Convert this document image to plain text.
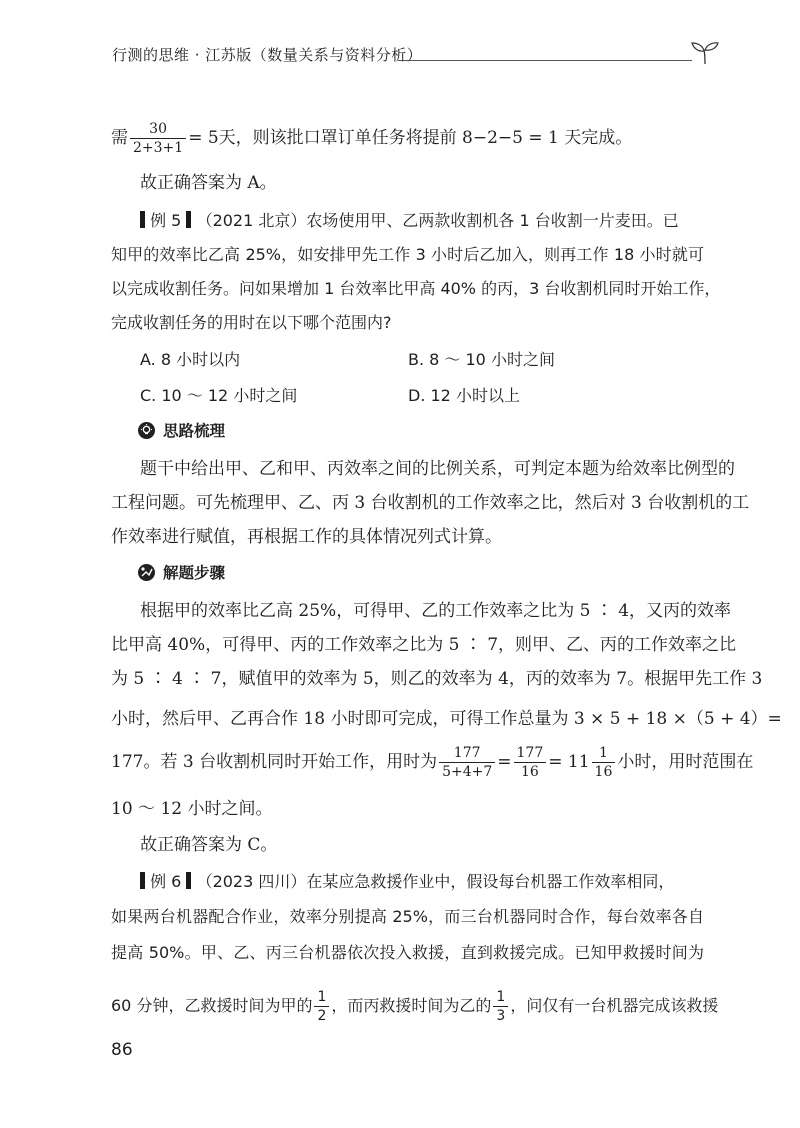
行测的思维 · 江苏版（数量关系与资料分析）
需 $\frac{30}{2+3+1} = 5$天，则该批口罩订单任务将提前 8−2−5 = 1 天完成。
故正确答案为 A。
例 5 （2021 北京）农场使用甲、乙两款收割机各 1 台收割一片麦田。已
知甲的效率比乙高 25%，如安排甲先工作 3 小时后乙加入，则再工作 18 小时就可
以完成收割任务。问如果增加 1 台效率比甲高 40% 的丙，3 台收割机同时开始工作，
完成收割任务的用时在以下哪个范围内?
A. 8 小时以内	B. 8 ～ 10 小时之间
C. 10 ～ 12 小时之间	D. 12 小时以上
思路梳理
题干中给出甲、乙和甲、丙效率之间的比例关系，可判定本题为给效率比例型的
工程问题。可先梳理甲、乙、丙 3 台收割机的工作效率之比，然后对 3 台收割机的工
作效率进行赋值，再根据工作的具体情况列式计算。
解题步骤
根据甲的效率比乙高 25%，可得甲、乙的工作效率之比为 5 ∶ 4，又丙的效率
比甲高 40%，可得甲、丙的工作效率之比为 5 ∶ 7，则甲、乙、丙的工作效率之比
为 5 ∶ 4 ∶ 7，赋值甲的效率为 5，则乙的效率为 4，丙的效率为 7。根据甲先工作 3
小时，然后甲、乙再合作 18 小时即可完成，可得工作总量为 3 × 5 + 18 ×（5 + 4）=
177。若 3 台收割机同时开始工作，用时为 $\frac{177}{5+4+7} = \frac{177}{16} = 11 \frac{1}{16}$ 小时，用时范围在
10 ～ 12 小时之间。
故正确答案为 C。
例 6 （2023 四川）在某应急救援作业中，假设每台机器工作效率相同，
如果两台机器配合作业，效率分别提高 25%，而三台机器同时合作，每台效率各自
提高 50%。甲、乙、丙三台机器依次投入救援，直到救援完成。已知甲救援时间为
60 分钟，乙救援时间为甲的 $\frac{1}{2}$ ，而丙救援时间为乙的 $\frac{1}{3}$ ，问仅有一台机器完成该救援
86
